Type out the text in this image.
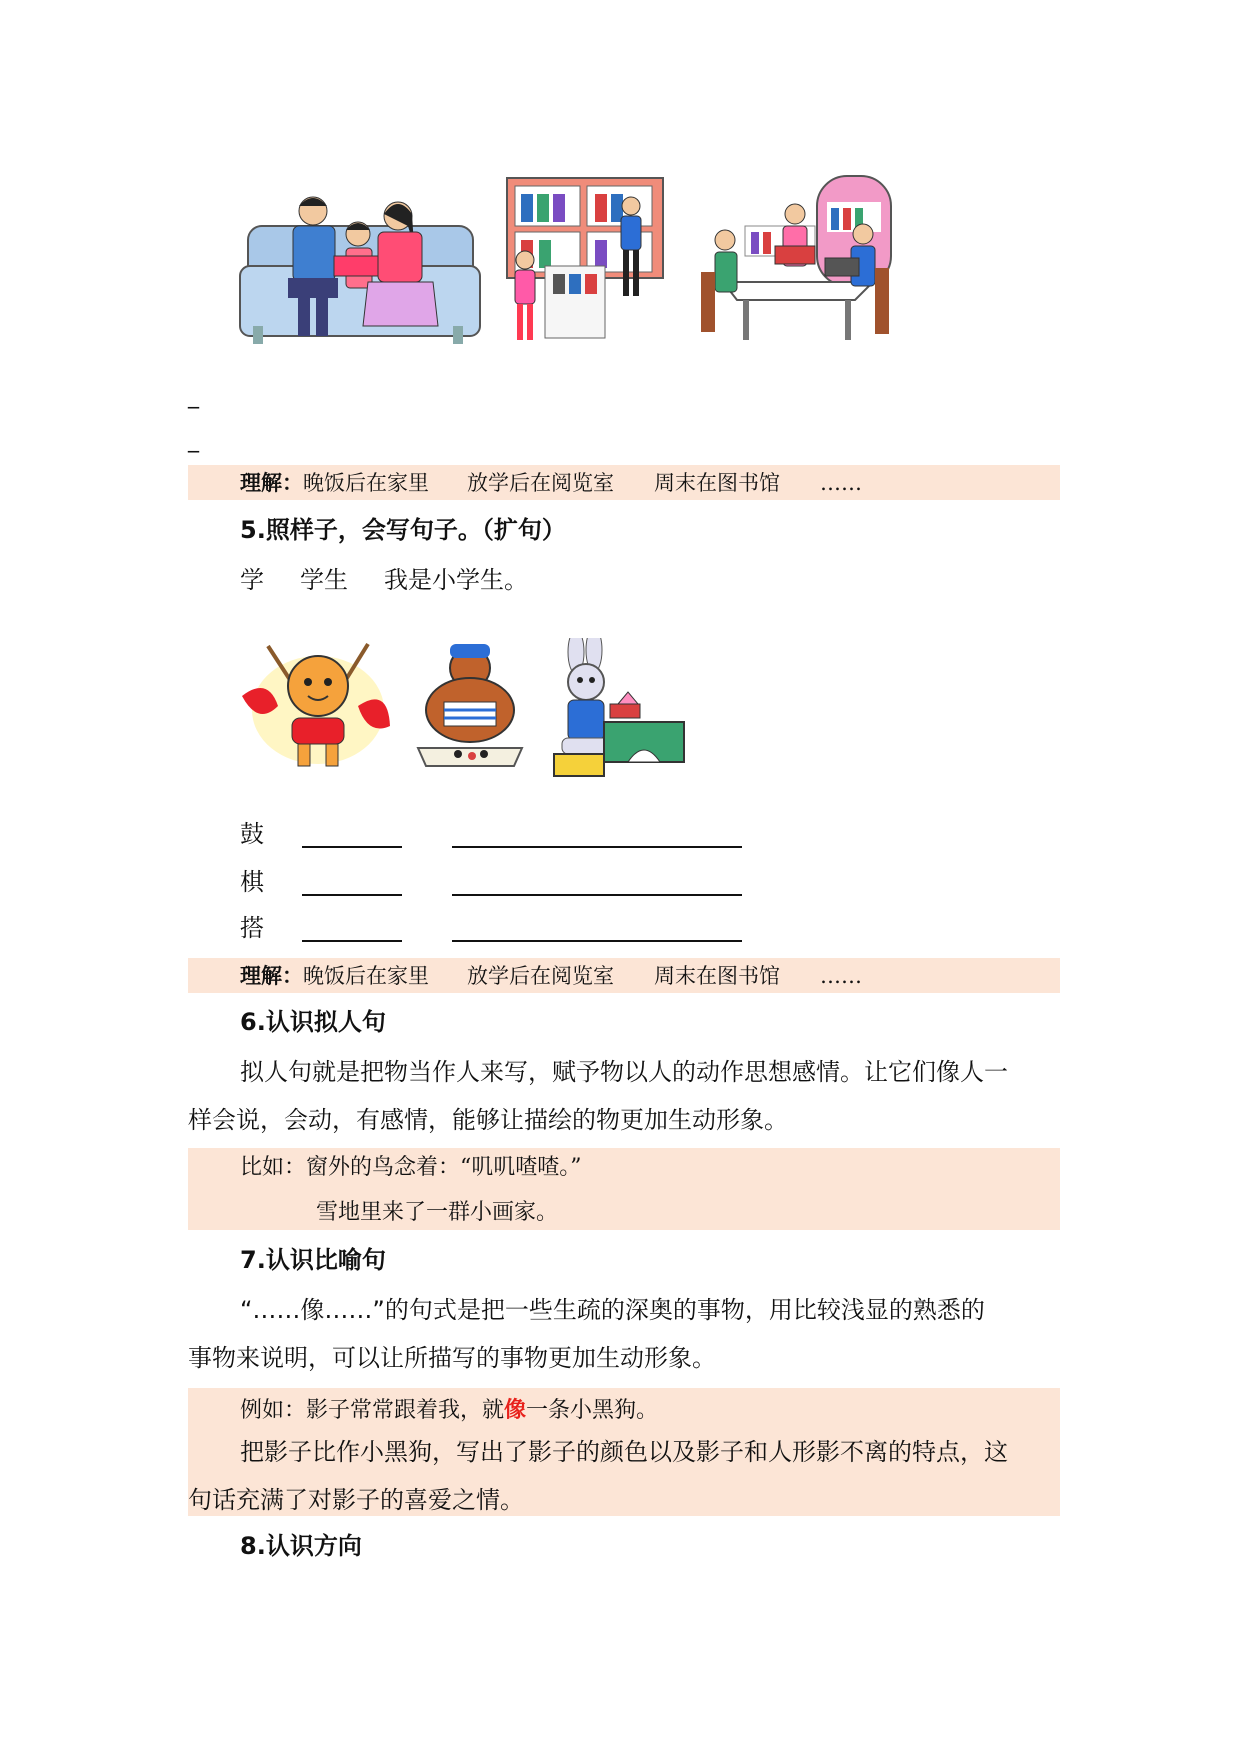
_
_
理解：晚饭后在家里 放学后在阅览室 周末在图书馆 ……
5.照样子，会写句子。（扩句）
学 学生 我是小学生。
鼓
棋
搭
理解：晚饭后在家里 放学后在阅览室 周末在图书馆 ……
6.认识拟人句
拟人句就是把物当作人来写，赋予物以人的动作思想感情。让它们像人一
样会说，会动，有感情，能够让描绘的物更加生动形象。
比如：窗外的鸟念着：“叽叽喳喳。”
雪地里来了一群小画家。
7.认识比喻句
“……像……”的句式是把一些生疏的深奥的事物，用比较浅显的熟悉的
事物来说明，可以让所描写的事物更加生动形象。
例如：影子常常跟着我，就像一条小黑狗。
把影子比作小黑狗，写出了影子的颜色以及影子和人形影不离的特点，这
句话充满了对影子的喜爱之情。
8.认识方向
